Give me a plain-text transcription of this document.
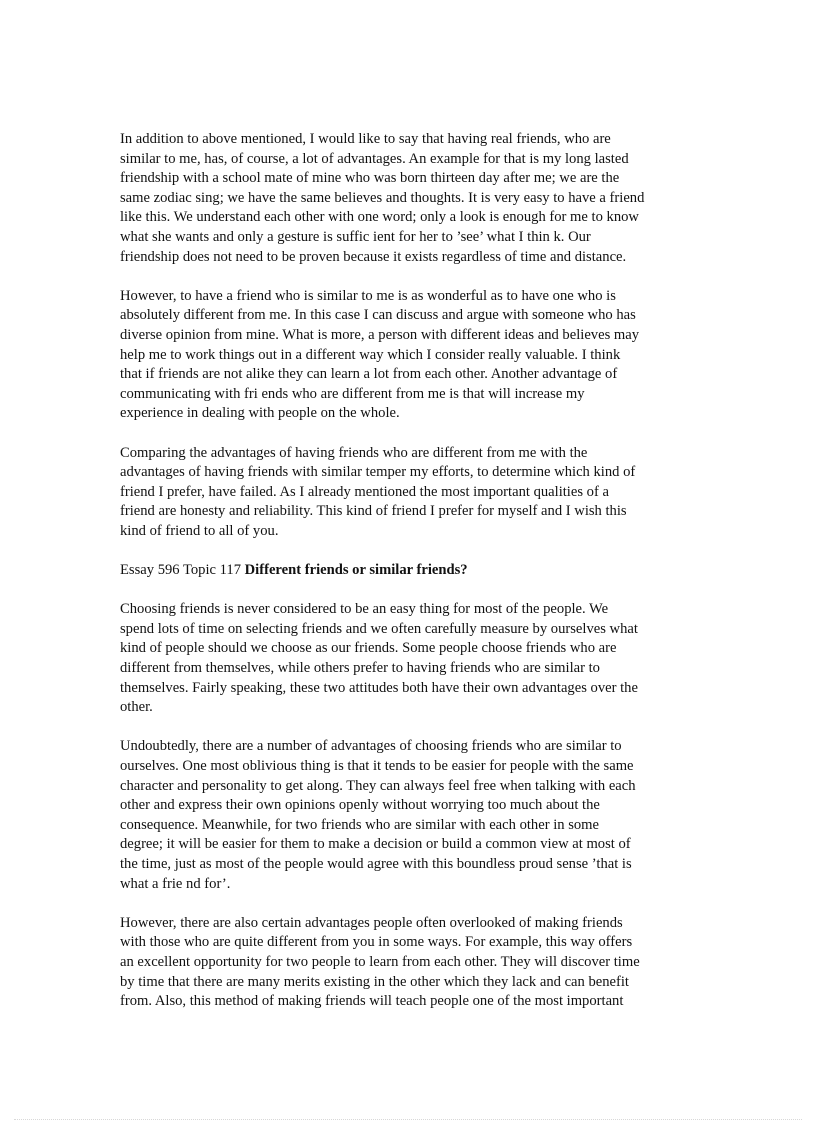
In addition to above mentioned, I would like to say that having real friends, who are
similar to me, has, of course, a lot of advantages. An example for that is my long lasted
friendship with a school mate of mine who was born thirteen day after me; we are the
same zodiac sing; we have the same believes and thoughts. It is very easy to have a friend
like this. We understand each other with one word; only a look is enough for me to know
what she wants and only a gesture is suffic ient for her to ’see’ what I thin k. Our
friendship does not need to be proven because it exists regardless of time and distance.
However, to have a friend who is similar to me is as wonderful as to have one who is
absolutely different from me. In this case I can discuss and argue with someone who has
diverse opinion from mine. What is more, a person with different ideas and believes may
help me to work things out in a different way which I consider really valuable. I think
that if friends are not alike they can learn a lot from each other. Another advantage of
communicating with fri ends who are different from me is that will increase my
experience in dealing with people on the whole.
Comparing the advantages of having friends who are different from me with the
advantages of having friends with similar temper my efforts, to determine which kind of
friend I prefer, have failed. As I already mentioned the most important qualities of a
friend are honesty and reliability. This kind of friend I prefer for myself and I wish this
kind of friend to all of you.
Essay 596 Topic 117 Different friends or similar friends?
Choosing friends is never considered to be an easy thing for most of the people. We
spend lots of time on selecting friends and we often carefully measure by ourselves what
kind of people should we choose as our friends. Some people choose friends who are
different from themselves, while others prefer to having friends who are similar to
themselves. Fairly speaking, these two attitudes both have their own advantages over the
other.
Undoubtedly, there are a number of advantages of choosing friends who are similar to
ourselves. One most oblivious thing is that it tends to be easier for people with the same
character and personality to get along. They can always feel free when talking with each
other and express their own opinions openly without worrying too much about the
consequence. Meanwhile, for two friends who are similar with each other in some
degree; it will be easier for them to make a decision or build a common view at most of
the time, just as most of the people would agree with this boundless proud sense ’that is
what a frie nd for’.
However, there are also certain advantages people often overlooked of making friends
with those who are quite different from you in some ways. For example, this way offers
an excellent opportunity for two people to learn from each other. They will discover time
by time that there are many merits existing in the other which they lack and can benefit
from. Also, this method of making friends will teach people one of the most important
